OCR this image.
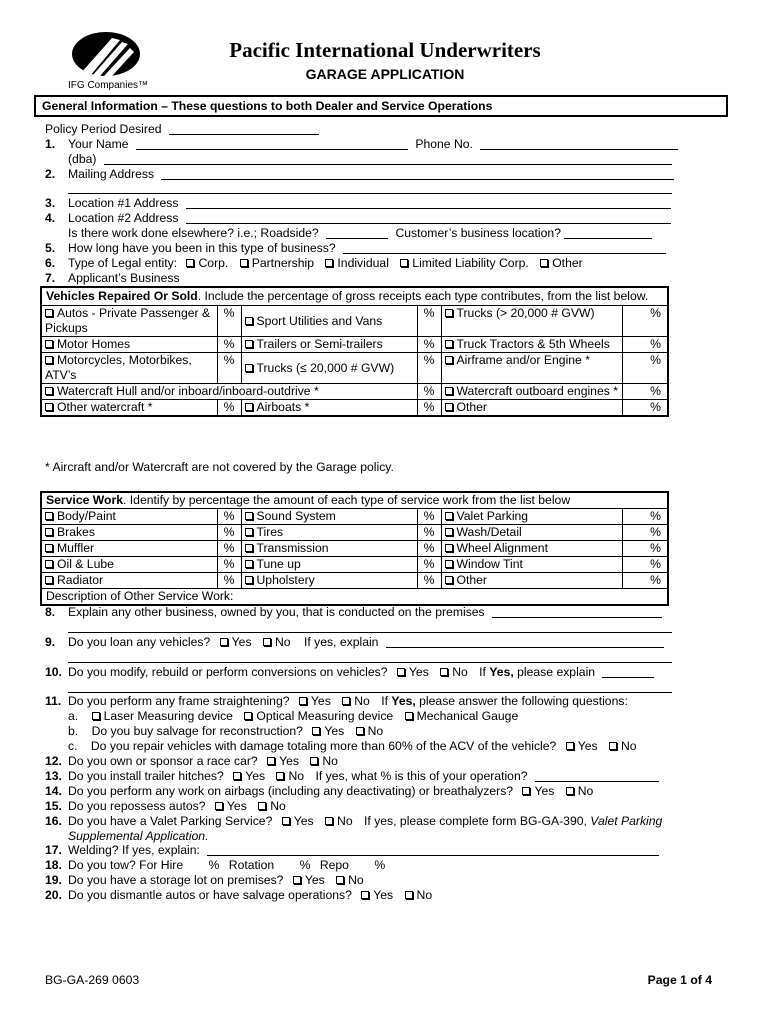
IFG Companies™
Pacific International Underwriters
GARAGE APPLICATION
General Information – These questions to both Dealer and Service Operations
Policy Period Desired
1. Your Name	Phone No.
(dba)
2. Mailing Address
3. Location #1 Address
4. Location #2 Address
Is there work done elsewhere? i.e.; Roadside?	Customer’s business location?
5. How long have you been in this type of business?
6. Type of Legal entity: Corp. Partnership Individual Limited Liability Corp. Other
7. Applicant’s Business
Vehicles Repaired Or Sold. Include the percentage of gross receipts each type contributes, from the list below.
Autos - Private Passenger & Pickups	%	Sport Utilities and Vans	%	Trucks (> 20,000 # GVW)	%
Motor Homes	%	Trailers or Semi-trailers	%	Truck Tractors & 5th Wheels	%
Motorcycles, Motorbikes, ATV’s	%	Trucks (≤ 20,000 # GVW)	%	Airframe and/or Engine *	%
Watercraft Hull and/or inboard/inboard-outdrive *			%	Watercraft outboard engines *	%

Other watercraft * %		Airboats *	%	Other	%
* Aircraft and/or Watercraft are not covered by the Garage policy.
Service Work. Identify by percentage the amount of each type of service work from the list below
Body/Paint	%	Sound System	%	Valet Parking	%
Brakes	%	Tires	%	Wash/Detail	%
Muffler	%	Transmission	%	Wheel Alignment	%
Oil & Lube	%	Tune up	%	Window Tint	%
Radiator	%	Upholstery	%	Other	%
Description of Other Service Work:
8. Explain any other business, owned by you, that is conducted on the premises
9. Do you loan any vehicles? Yes No If yes, explain
10. Do you modify, rebuild or perform conversions on vehicles? Yes No If Yes, please explain
11. Do you perform any frame straightening? Yes No If Yes, please answer the following questions:
a. Laser Measuring device Optical Measuring device Mechanical Gauge
b. Do you buy salvage for reconstruction? Yes No
c. Do you repair vehicles with damage totaling more than 60% of the ACV of the vehicle? Yes No
12. Do you own or sponsor a race car? Yes No
13. Do you install trailer hitches? Yes No If yes, what % is this of your operation?
14. Do you perform any work on airbags (including any deactivating) or breathalyzers? Yes No
15. Do you repossess autos? Yes No
16. Do you have a Valet Parking Service? Yes No If yes, please complete form BG-GA-390, Valet Parking
Supplemental Application.
17. Welding? If yes, explain:
18. Do you tow? For Hire % Rotation % Repo %
19. Do you have a storage lot on premises? Yes No
20. Do you dismantle autos or have salvage operations? Yes No
BG-GA-269 0603	Page 1 of 4
